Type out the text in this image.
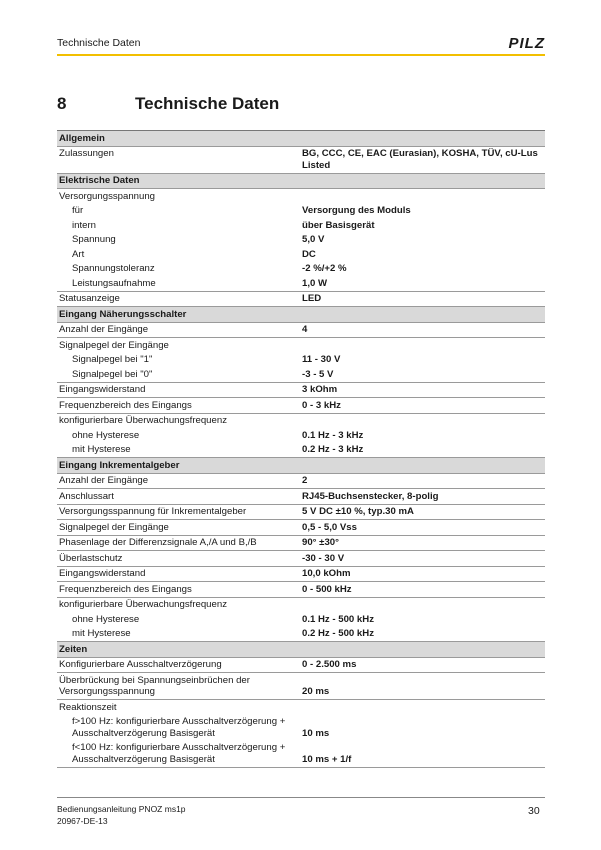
Technische Daten	PILZ
8	Technische Daten
Allgemein
Zulassungen	BG, CCC, CE, EAC (Eurasian), KOSHA, TÜV, cU-Lus Listed
Elektrische Daten
Versorgungsspannung
für	Versorgung des Moduls
intern	über Basisgerät
Spannung	5,0 V
Art	DC
Spannungstoleranz	-2 %/+2 %
Leistungsaufnahme	1,0 W
Statusanzeige	LED
Eingang Näherungsschalter
Anzahl der Eingänge	4
Signalpegel der Eingänge
Signalpegel bei "1"	11 - 30 V
Signalpegel bei "0"	-3 - 5 V
Eingangswiderstand	3 kOhm
Frequenzbereich des Eingangs	0 - 3 kHz
konfigurierbare Überwachungsfrequenz
ohne Hysterese	0.1 Hz - 3 kHz
mit Hysterese	0.2 Hz - 3 kHz
Eingang Inkrementalgeber
Anzahl der Eingänge	2
Anschlussart	RJ45-Buchsenstecker, 8-polig
Versorgungsspannung für Inkrementalgeber	5 V DC ±10 %, typ.30 mA
Signalpegel der Eingänge	0,5 - 5,0 Vss
Phasenlage der Differenzsignale A,/A und B,/B	90° ±30°
Überlastschutz	-30 - 30 V
Eingangswiderstand	10,0 kOhm
Frequenzbereich des Eingangs	0 - 500 kHz
konfigurierbare Überwachungsfrequenz
ohne Hysterese	0.1 Hz - 500 kHz
mit Hysterese	0.2 Hz - 500 kHz
Zeiten
Konfigurierbare Ausschaltverzögerung	0 - 2.500 ms
Überbrückung bei Spannungseinbrüchen der Versorgungsspannung	20 ms
Reaktionszeit
f>100 Hz: konfigurierbare Ausschaltverzögerung + Ausschaltverzögerung Basisgerät	10 ms
f<100 Hz: konfigurierbare Ausschaltverzögerung + Ausschaltverzögerung Basisgerät	10 ms + 1/f
Bedienungsanleitung PNOZ ms1p
20967-DE-13
30
